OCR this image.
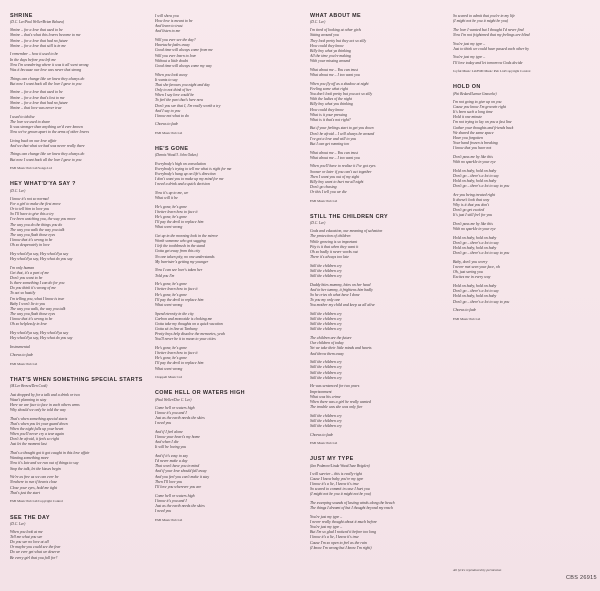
SHRINE
(D.C. Lee/Paul Weller/Brian Bahara)
Shrine – for a love that used to be
Shrine – that's what this lovers become to me
Shrine – for a love that had no future
Shrine – for a love that still is in me
I remember – how it used to be
In the days before you left me
Now I'm wondering where it was it all went wrong
Was it because our love was never that strong
Things can change like we knew they always do
But now I want back all the love I gave to you
Shrine – for a love that used to be
Shrine – for a love that's lost to me
Shrine – for a love that had no future
Shrine – that love was never true
I used to idolise
The love we used to share
It was stronger than anything we'd ever known
Now we've grown apart to the arms of other lovers
Living back on our love affair
And we that what we had was never really there
Things can change like we knew they always do
But now I want back all the love I gave to you
EMI Music Pub Ltd/Songs Ltd
HEY WHAT'D'YA SAY ?
(D.C. Lee)
I know it's not so normal
For a girl to make the first move
Or to tell him to love you
So I'll have to give this a try
I've been watching you, the way you move
The way you do the things you do
The way you walk the way you talk
The way you flash those eyes
I know that it's wrong to be
Oh so desperately in love
Hey what'd'ya say, Hey what'd'ya say
Hey what'd'ya say, Hey what do you say
I'm only human
Get that, it's a part of me
Don't you want to be
Is there something I can do for you
Do you think it's wrong of me
To act so hastily
I'm telling you, what I know is true
Baby I won't lie to you
The way you walk, the way you talk
The way you flash those eyes
I know that it's wrong to be
Oh so helplessly in love
Hey what'd'ya say, Hey what'd'ya say
Hey what'd'ya say, Hey what do you say
Instrumental
Chorus to fade
EMI Music Pub Ltd
THAT'S WHEN SOMETHING SPECIAL STARTS
(M.Lee Brown/Den Cook)
Just dropped by for a talk and a drink or two
Wasn't planning to stay
Here we are face to face in each others arms
Why should we only be told the way
That's when something special starts
That's when you let your guard down
When the night falls up your heart
When you'll never cry a tear again
Don't be afraid, it feels so right
Just let the moment last
That's a thought got it got caught in this love affair
Wanting something more
Now it's late and we run out of things to say
Stop the talk, let the kisses begin
We're as free as we can ever be
Nowhere to run if hearts close
Close your eyes, hold me tight
That's just the start
EMI Music Pub Ltd/Copyright Control
SEE THE DAY
(D.C. Lee)
When you look at me
Tell me what you see
Do you see no love at all
Or maybe you could see the fear
Do we ever get what we deserve
Be every girl that you fall for?
I will show you
How love is meant to be
And learn to trust
And listen to me
Will you ever see the day?
Heartache fades away
Good time will always come from me
Will you ever learn to love
Without a little doubt
Good time will always come my way
When you look away
It wants to say
That she favours you night and day
Only to not think of her
When I say love could be
To feel the part that's here now
Don't you see that I, I'm really worth a try
And I say to you
I know not what to do
Chorus to fade
EMI Music Pub Ltd
HE'S GONE
(Dennis Wood/J. John Oakes)
Everybody's high on consolation
Everybody's trying to tell me what is right for me
Everybody's hang up on life's direction
I don't want you to make up my mind for me
I need a drink and a quick decision
Now it's up to me, we
What will it be
He's gone, he's gone
I better learn how to face it
He's gone, he's gone
I'll pay the devil to replace him
What went wrong
Get up in the morning look in the mirror
Worth someone who got sagging
I left the toothbrush in the stand
Gotta get away from this city
No one taken pity, no one understands
My barrister's getting my younger
Now I can see love's taken her
Told you I'm
He's gone, he's gone
I better learn how to face it
He's gone, he's gone
I'll pay the devil to replace him
What went wrong
Spend eternity in the city
Carbon and monoxide is choking me
Gotta take my thoughts on a quick vacation
Gotta sit in line at Tanhany
Pretty boys help dissolve the memories, yeah
You'll never be it to mean to your cities
He's gone, he's gone
I better learn how to face it
He's gone, he's gone
I'll pay the devil to replace him
What went wrong
Chappell Music Ltd
COME HELL OR WATERS HIGH
(Paul Weller/Dee C. Lee)
Come hell or waters high
I know it's you and I
Just as the earth needs the skies
I need you
And if I feel alone
I know your heart's my home
And when I die
It will be loving you
And if it's easy to say
I'd never make a day
That won't have you in mind
And if your love should fall away
And you feel you can't make it stay
Then I'll love you
I'll love you wherever you are
Come hell or waters high
I know it's you and I
Just as the earth needs the skies
I need you
EMI Music Pub Ltd
WHAT ABOUT ME
(D.C. Lee)
I'm tired of looking at other girls
Sitting around you
They look pretty but they act so silly
How could they know
Billy boy what ya thinking
All the time you're making
With your missing around
What about me – You can trust
What about me – I too want you
When you fly off as a shadow at night
Feeling some what right
You don't look pretty but you act so silly
With the ladies of the night
Billy boy what you thinking
How could they know
What is it your pressing
What is it that's not right?
But if your feelings start to get you down
Don't be afraid – I will always be around
I've got a love and will to you
But I can get running too
What about me – You can trust
What about me – I too want you
When you'll have to realise it I've got eyes
Sooner or later if you can't act together
Then I want you out of my sight
Billy boy want to hurt me all night
Don't go chasing
Or this I tell you we die
EMI Music Pub Ltd
STILL THE CHILDREN CRY
(D.C. Lee)
Gods and education, our meaning of salvation
The protection of children
While growing is so important
Pity is it that when they want it
Oh so badly it never works out
There it's always too late
Still the children cry
Still the children cry
Still the children cry
Daddy bites mummy, bites on her head
And in her tummy, it frightens him badly
So he cries oh what have I done
To you my only one
You mother my child and keep us all alive
Still the children cry
Still the children cry
Still the children cry
Still the children cry
The children are the future
Our children of today
Yet we take their little minds and hearts
And throw them away
Still the children cry
Still the children cry
Still the children cry
Still the children cry
He was sentenced for two years
Imprisonment
What was his crime
When there was a girl he really wanted
The trouble was she was only five
Still the children cry
Still the children cry
Still the children cry
Chorus to fade
EMI Music Pub Ltd
JUST MY TYPE
(Ian Podmore/Linda Wood/Jane Brigden)
I will survive – this is really right
Cause I know baby you're my type
I know it's a lie, I know it's true
So scared to commit in case I hurt you
(I might not be you it might not be you)
The sweeping sounds of lasting winds along the beach
The things I dreamt of but I thought beyond my reach
You're just my type –
I never really thought about it much before
You're just my type –
But I'm so glad I noticed it before too long
I know it's a lie, I know it's true
Cause I'm so open to feel as the rain
(I know I'm wrong but I know I'm right)
So scared to admit that you're in my life
(I might not be you it might be you)
The love I wanted but I thought I'd never find
Now I'm not frightened that my feelings are blind
You're just my type –
Just to think we could have passed each other by
You're just my type –
I'll love today and let tomorrow Gods decide
Joyful Music Ltd/EMI Music Pub Ltd/Copyright Control
HOLD ON
(Pat Bedard/Lamar Gnaweke)
I'm not going to give up on you
Cause you know I'm groovin right
It's been such a long time
Hold it one minute
I'm not trying to lay on you a fast line
Gather your thoughts and friends back
We shared the same space
Have you forgotten
Your hand frozen is breaking
I know that you have not
Don't pass me by like this
With no sparkle in your eye
Hold on baby, hold on baby
Don't go – there's a lot to say
Hold on baby, hold on baby
Don't go – there's a lot to say to you
Are you being treated right
It doesn't look that way
Why is it that you don't
Don't go get excited
It's just I still feel for you
Don't pass me by like this
With no sparkle in your eye
Hold on baby, hold on baby
Don't go – there's a lot to say
Hold on baby, hold on baby
Don't go – there's a lot to say to you
Baby, don't you worry
I never met seen your face, oh
Oh, just seeing you
Excites me in every way
Hold on baby, hold on baby
Don't go – there's a lot to say
Hold on baby, hold on baby
Don't go – there's a lot to say to you
Chorus to fade
EMI Music Pub Ltd
All lyrics reproduced by permission
CBS 26915
